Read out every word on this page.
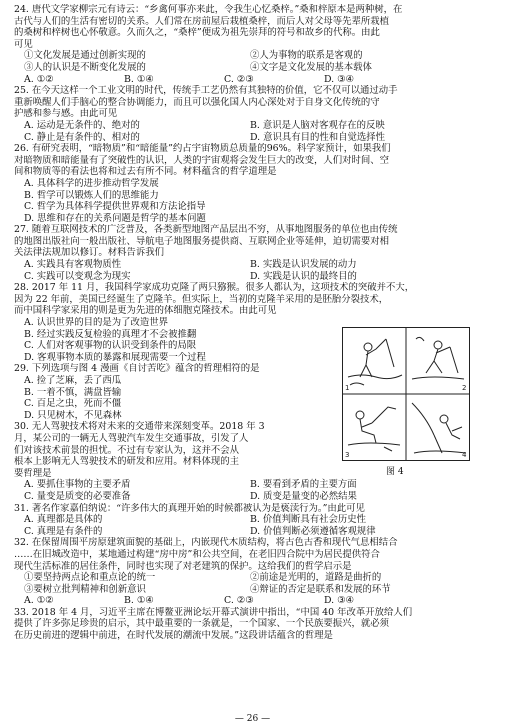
24. 唐代文学家柳宗元有诗云：“乡禽何事亦来此，令我生心忆桑梓。”桑和梓原本是两种树，在
古代与人们的生活有密切的关系。人们常在房前屋后栽植桑梓，而后人对父母等先辈所栽植
的桑树和梓树也心怀敬意。久而久之，“桑梓”便成为祖先崇拜的符号和故乡的代称。由此
可见
①文化发展是通过创新实现的	②人为事物的联系是客观的
③人的认识是不断变化发展的	④文字是文化发展的基本载体
A. ①②	B. ①④	C. ②③	D. ③④
25. 在今天这样一个工业文明的时代，传统手工艺仍然有其独特的价值，它不仅可以通过动手
重新唤醒人们手脑心的整合协调能力，而且可以强化国人内心深处对于自身文化传统的守
护感和参与感。由此可见
A. 运动是无条件的、绝对的	B. 意识是人脑对客观存在的反映
C. 静止是有条件的、相对的	D. 意识具有目的性和自觉选择性
26. 有研究表明，“暗物质”和“暗能量”约占宇宙物质总质量的96%。科学家预计，如果我们
对暗物质和暗能量有了突破性的认识，人类的宇宙观将会发生巨大的改变，人们对时间、空
间和物质等的看法也将和过去有所不同。材料蕴含的哲学道理是
A. 具体科学的进步推动哲学发展
B. 哲学可以锻炼人们的思维能力
C. 哲学为具体科学提供世界观和方法论指导
D. 思维和存在的关系问题是哲学的基本问题
27. 随着互联网技术的广泛普及，各类新型地图产品层出不穷，从事地图服务的单位也由传统
的地图出版社向一般出版社、导航电子地图服务提供商、互联网企业等延伸，迫切需要对相
关法律法规加以修订。材料告诉我们
A. 实践具有客观物质性	B. 实践是认识发展的动力
C. 实践可以变观念为现实	D. 实践是认识的最终目的
28. 2017 年 11 月，我国科学家成功克隆了两只猕猴。很多人都认为，这项技术的突破并不大，
因为 22 年前，美国已经诞生了克隆羊。但实际上，当初的克隆羊采用的是胚胎分裂技术，
而中国科学家采用的则是更为先进的体细胞克隆技术。由此可见
A. 认识世界的目的是为了改造世界
B. 经过实践反复检验的真理才不会被推翻
C. 人们对客观事物的认识受到条件的局限
D. 客观事物本质的暴露和展现需要一个过程
29. 下列选项与图 4 漫画《自讨苦吃》蕴含的哲理相符的是
A. 捡了芝麻，丢了西瓜
B. 一着不慎，满盘皆输
C. 百足之虫，死而不僵
D. 只见树木，不见森林
30. 无人驾驶技术将对未来的交通带来深刻变革。2018 年 3
月，某公司的一辆无人驾驶汽车发生交通事故，引发了人
们对该技术前景的担忧。不过有专家认为，这并不会从
根本上影响无人驾驶技术的研发和应用。材料体现的主
要哲理是
A. 要抓住事物的主要矛盾	B. 要看到矛盾的主要方面
C. 量变是质变的必要准备	D. 质变是量变的必然结果
31. 著名作家嘉伯纳说：“许多伟大的真理开始的时候都被认为是亵渎行为。”由此可见
A. 真理都是具体的	B. 价值判断具有社会历史性
C. 真理是有条件的	D. 价值判断必须遵循客观规律
32. 在保留周围平房原建筑面貌的基础上，内嵌现代木质结构，将古色古香和现代气息相结合
……在旧城改造中，某地通过构建“房中房”和公共空间，在老旧四合院中为居民提供符合
现代生活标准的居住条件，同时也实现了对老建筑的保护。这给我们的哲学启示是
①要坚持两点论和重点论的统一	②前途是光明的，道路是曲折的
③要树立批判精神和创新意识	④辩证的否定是联系和发展的环节
A. ①②	B. ①④	C. ②③	D. ③④
33. 2018 年 4 月，习近平主席在博鳌亚洲论坛开幕式演讲中指出，“中国 40 年改革开放给人们
提供了许多弥足珍贵的启示，其中最重要的一条就是，一个国家、一个民族要振兴，就必须
在历史前进的逻辑中前进，在时代发展的潮流中发展。”这段讲话蕴含的哲理是
1	2
3	4
图 4
— 26 —
